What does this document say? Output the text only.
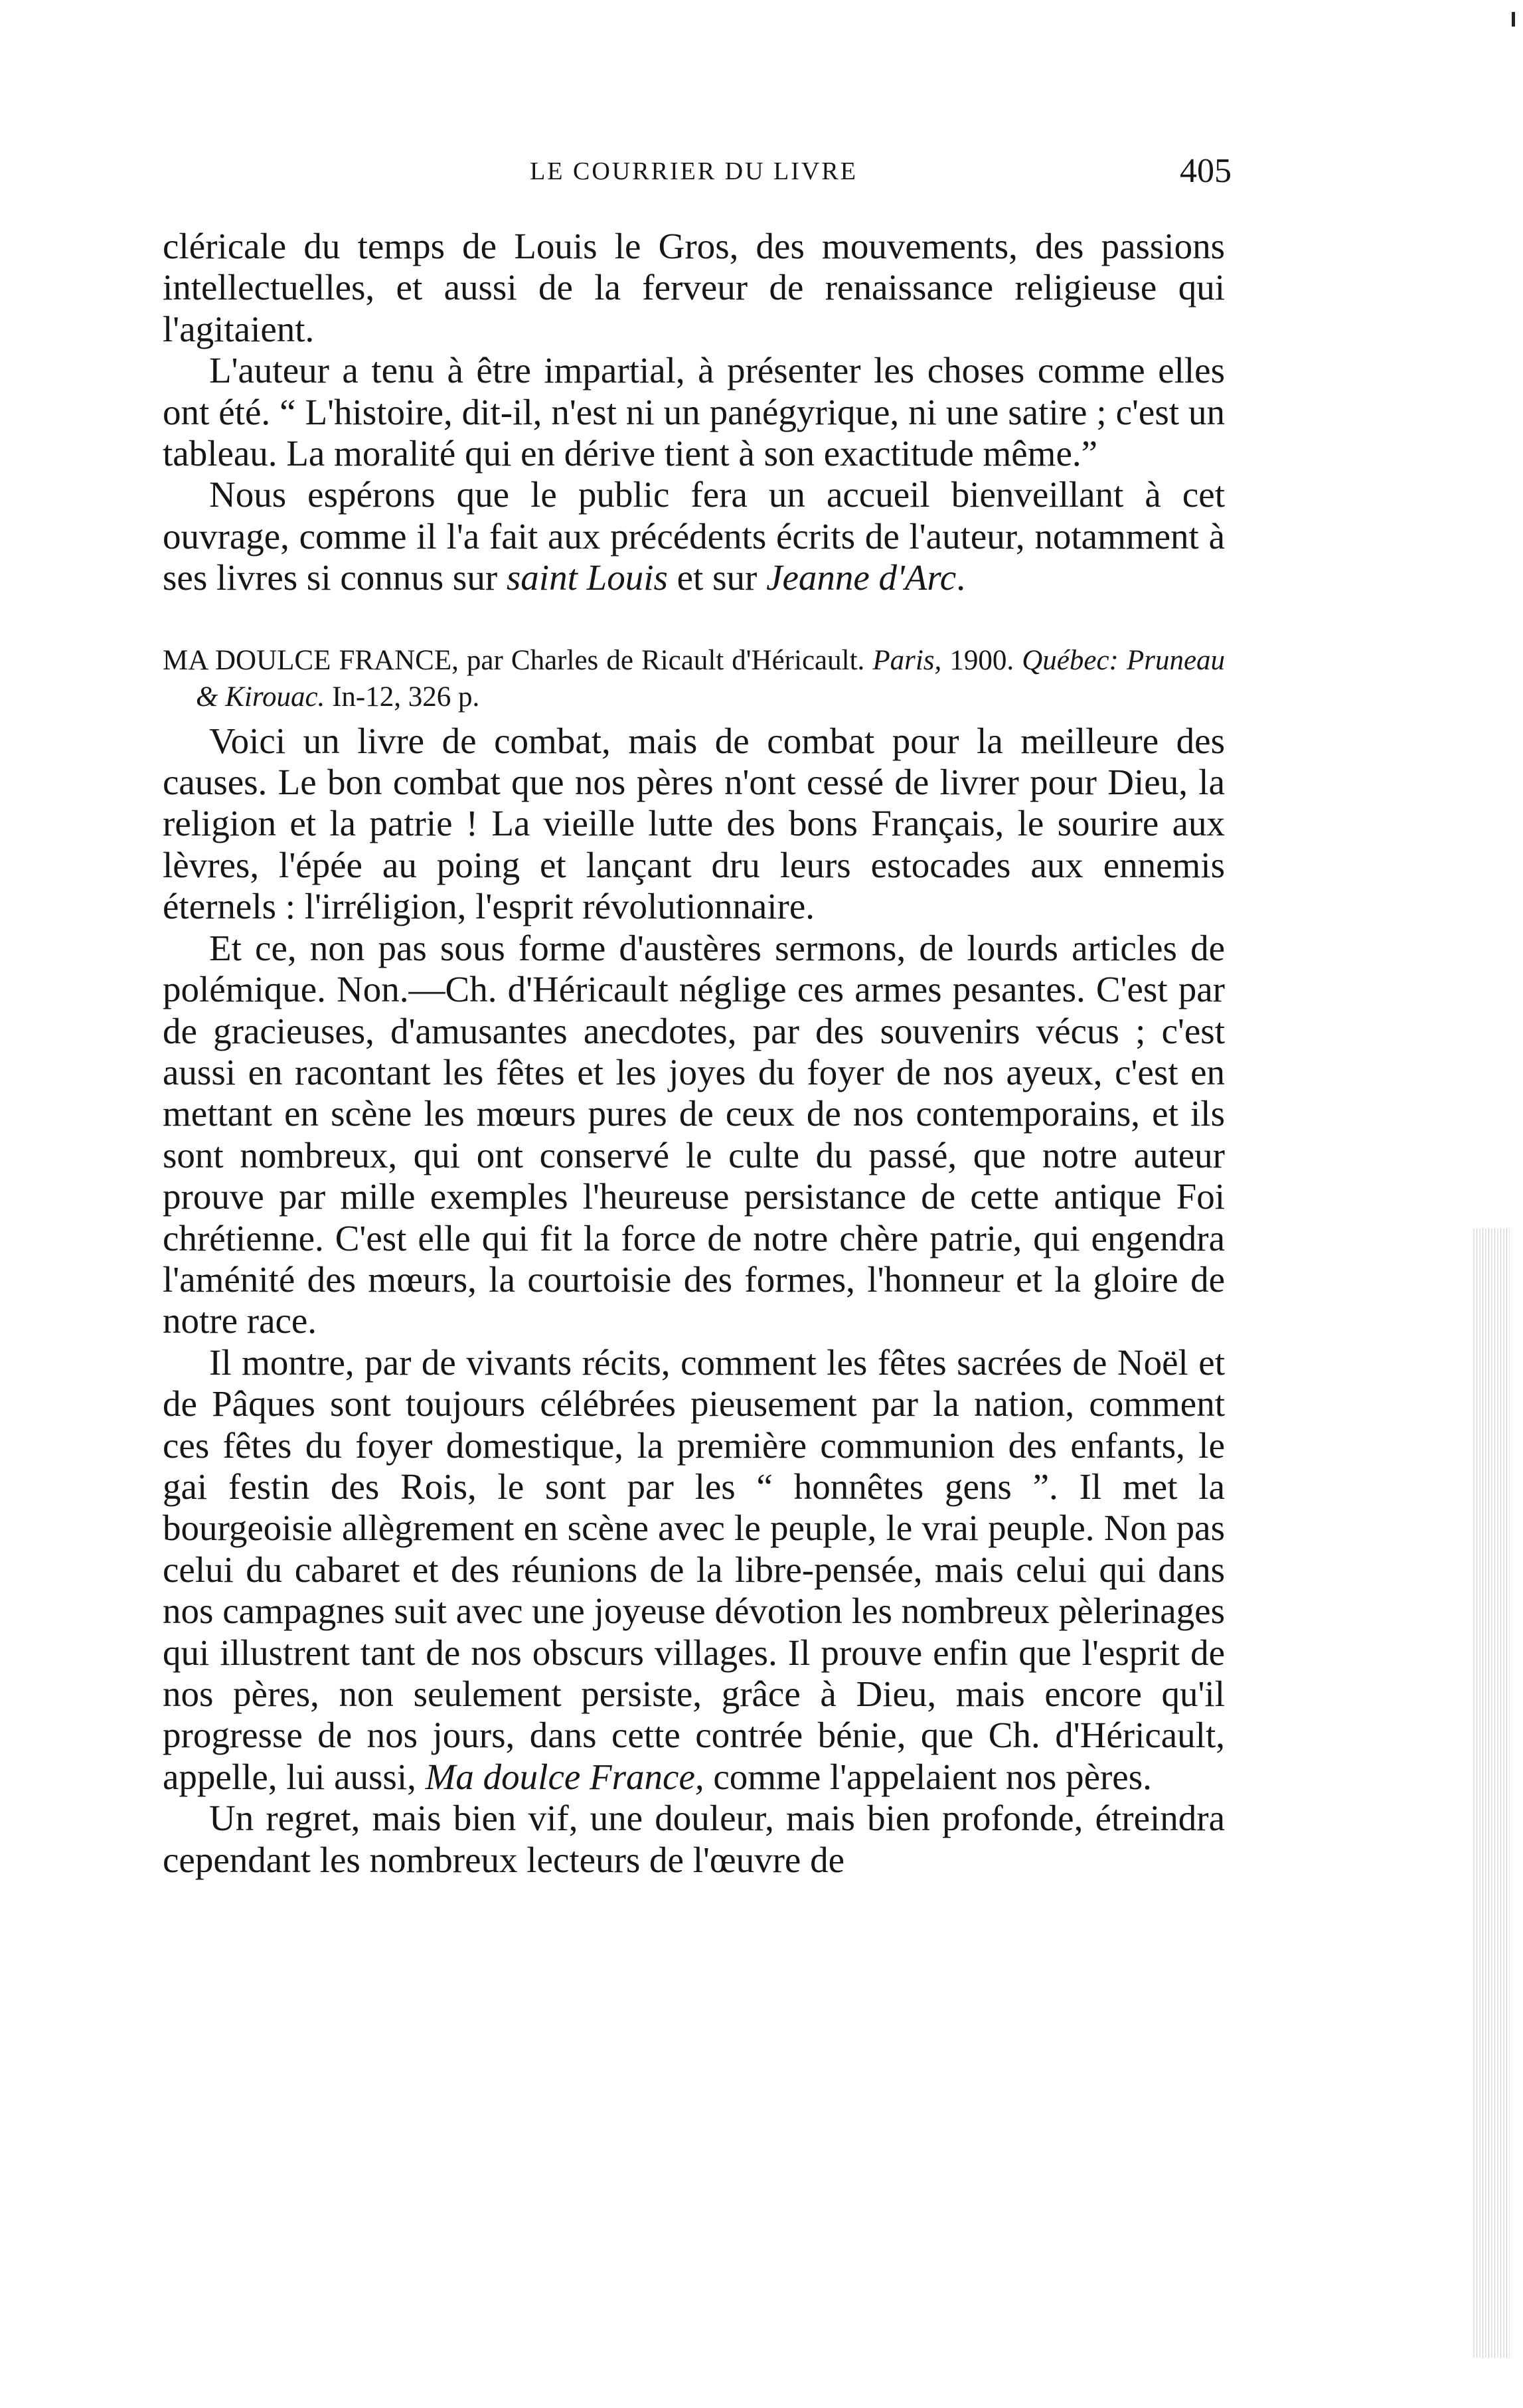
LE COURRIER DU LIVRE	405

cléricale du temps de Louis le Gros, des mouvements, des passions intellectuelles, et aussi de la ferveur de renaissance religieuse qui l'agitaient.

L'auteur a tenu à être impartial, à présenter les choses comme elles ont été. “ L'histoire, dit-il, n'est ni un panégyrique, ni une satire ; c'est un tableau. La moralité qui en dérive tient à son exactitude même.”

Nous espérons que le public fera un accueil bienveillant à cet ouvrage, comme il l'a fait aux précédents écrits de l'auteur, notamment à ses livres si connus sur saint Louis et sur Jeanne d'Arc.

MA DOULCE FRANCE, par Charles de Ricault d'Héricault. Paris, 1900. Québec: Pruneau & Kirouac. In-12, 326 p.

Voici un livre de combat, mais de combat pour la meilleure des causes. Le bon combat que nos pères n'ont cessé de livrer pour Dieu, la religion et la patrie ! La vieille lutte des bons Français, le sourire aux lèvres, l'épée au poing et lançant dru leurs estocades aux ennemis éternels : l'irréligion, l'esprit révolutionnaire.

Et ce, non pas sous forme d'austères sermons, de lourds articles de polémique. Non.—Ch. d'Héricault néglige ces armes pesantes. C'est par de gracieuses, d'amusantes anecdotes, par des souvenirs vécus ; c'est aussi en racontant les fêtes et les joyes du foyer de nos ayeux, c'est en mettant en scène les mœurs pures de ceux de nos contemporains, et ils sont nombreux, qui ont conservé le culte du passé, que notre auteur prouve par mille exemples l'heureuse persistance de cette antique Foi chrétienne. C'est elle qui fit la force de notre chère patrie, qui engendra l'aménité des mœurs, la courtoisie des formes, l'honneur et la gloire de notre race.

Il montre, par de vivants récits, comment les fêtes sacrées de Noël et de Pâques sont toujours célébrées pieusement par la nation, comment ces fêtes du foyer domestique, la première communion des enfants, le gai festin des Rois, le sont par les “ honnêtes gens ”. Il met la bourgeoisie allègrement en scène avec le peuple, le vrai peuple. Non pas celui du cabaret et des réunions de la libre-pensée, mais celui qui dans nos campagnes suit avec une joyeuse dévotion les nombreux pèlerinages qui illustrent tant de nos obscurs villages. Il prouve enfin que l'esprit de nos pères, non seulement persiste, grâce à Dieu, mais encore qu'il progresse de nos jours, dans cette contrée bénie, que Ch. d'Héricault, appelle, lui aussi, Ma doulce France, comme l'appelaient nos pères.

Un regret, mais bien vif, une douleur, mais bien profonde, étreindra cependant les nombreux lecteurs de l'œuvre de
